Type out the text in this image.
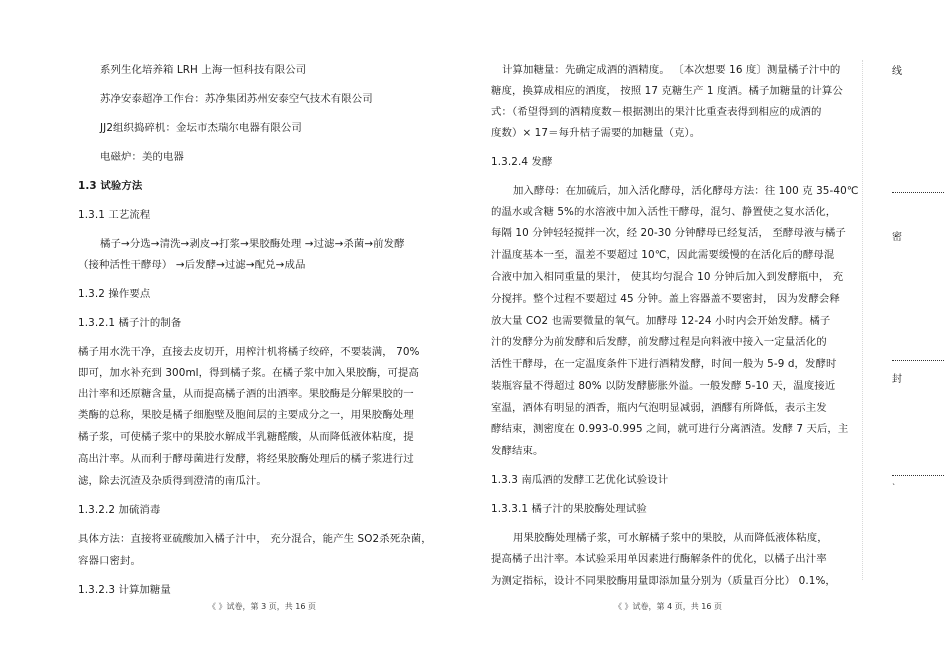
系列生化培养箱 LRH 上海一恒科技有限公司
苏净安泰超净工作台：苏净集团苏州安泰空气技术有限公司
JJ2组织捣碎机：金坛市杰瑞尔电器有限公司
电磁炉：美的电器
1.3 试验方法
1.3.1 工艺流程
橘子→分选→清洗→剥皮→打浆→果胶酶处理 →过滤→杀菌→前发酵
（接种活性干酵母） →后发酵→过滤→配兑→成品
1.3.2 操作要点
1.3.2.1 橘子汁的制备
橘子用水洗干净，直接去皮切开，用榨汁机将橘子绞碎，不要装满， 70%
即可，加水补充到 300ml，得到橘子浆。在橘子浆中加入果胶酶，可提高
出汁率和还原糖含量，从而提高橘子酒的出酒率。果胶酶是分解果胶的一
类酶的总称，果胶是橘子细胞壁及胞间层的主要成分之一，用果胶酶处理
橘子浆，可使橘子浆中的果胶水解成半乳糖醛酸，从而降低液体粘度，提
高出汁率。从而利于酵母菌进行发酵，将经果胶酶处理后的橘子浆进行过
滤，除去沉渣及杂质得到澄清的南瓜汁。
1.3.2.2 加硫消毒
具体方法：直接将亚硫酸加入橘子汁中， 充分混合，能产生 SO2杀死杂菌，
容器口密封。
1.3.2.3 计算加糖量
《 》试卷，第 3 页，共 16 页
计算加糖量：先确定成酒的酒精度。 〔本次想要 16 度〕测量橘子汁中的
糖度，换算成相应的酒度， 按照 17 克糖生产 1 度酒。橘子加糖量的计算公
式：（希望得到的酒精度数－根据测出的果汁比重查表得到相应的成酒的
度数）× 17＝每升桔子需要的加糖量（克）。
1.3.2.4 发酵
加入酵母：在加硫后，加入活化酵母，活化酵母方法：往 100 克 35-40℃
的温水或含糖 5%的水溶液中加入活性干酵母，混匀、静置使之复水活化，
每隔 10 分钟轻轻搅拌一次，经 20-30 分钟酵母已经复活， 至酵母液与橘子
汁温度基本一至，温差不要超过 10℃，因此需要缓慢的在活化后的酵母混
合液中加入相同重量的果汁， 使其均匀混合 10 分钟后加入到发酵瓶中， 充
分搅拌。整个过程不要超过 45 分钟。盖上容器盖不要密封， 因为发酵会释
放大量 CO2 也需要微量的氧气。加酵母 12-24 小时内会开始发酵。橘子
汁的发酵分为前发酵和后发酵，前发酵过程是向料液中接入一定量活化的
活性干酵母，在一定温度条件下进行酒精发酵，时间一般为 5-9 d，发酵时
装瓶容量不得超过 80% 以防发酵膨胀外溢。一般发酵 5-10 天，温度接近
室温，酒体有明显的酒香，瓶内气泡明显减弱，酒醪有所降低，表示主发
酵结束，测密度在 0.993-0.995 之间，就可进行分离酒渣。发酵 7 天后，主
发酵结束。
1.3.3 南瓜酒的发酵工艺优化试验设计
1.3.3.1 橘子汁的果胶酶处理试验
用果胶酶处理橘子浆，可水解橘子浆中的果胶，从而降低液体粘度，
提高橘子出汁率。本试验采用单因素进行酶解条件的优化，以橘子出汁率
为测定指标，设计不同果胶酶用量即添加量分别为（质量百分比） 0.1%，
《 》试卷，第 4 页，共 16 页
线
密
封
`
